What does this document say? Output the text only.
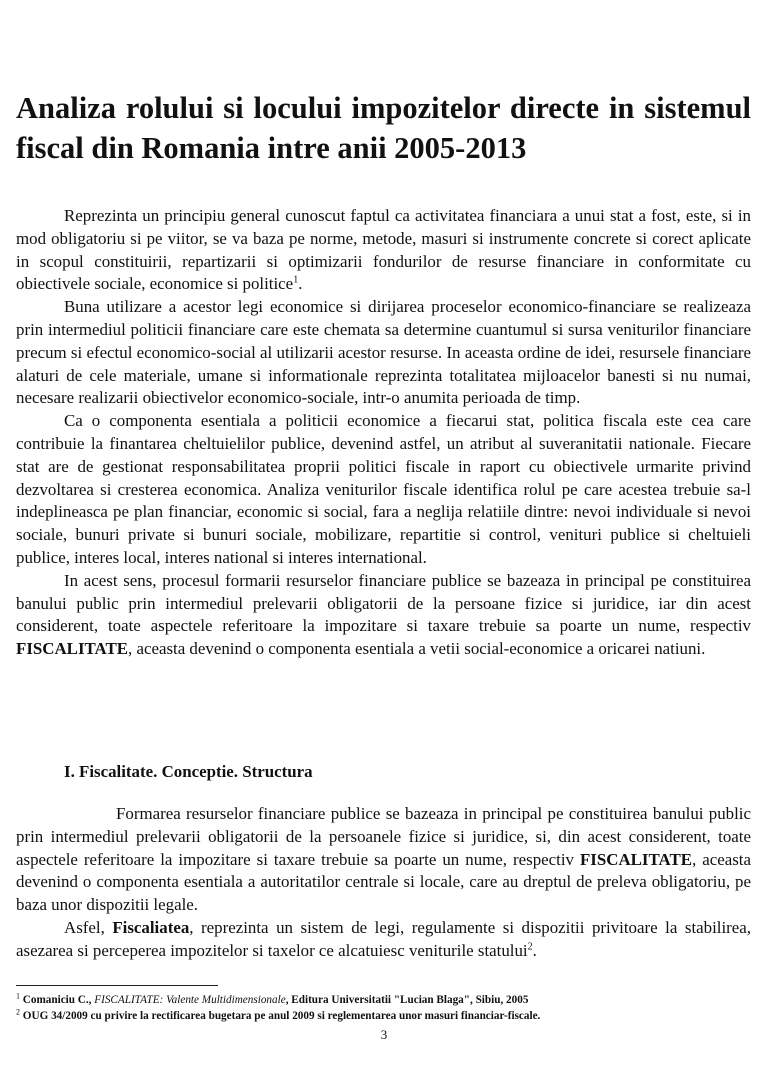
Analiza rolului si locului impozitelor directe in sistemul fiscal din Romania intre anii 2005-2013

Reprezinta un principiu general cunoscut faptul ca activitatea financiara a unui stat a fost, este, si in mod obligatoriu si pe viitor, se va baza pe norme, metode, masuri si instrumente concrete si corect aplicate in scopul constituirii, repartizarii si optimizarii fondurilor de resurse financiare in conformitate cu obiectivele sociale, economice si politice$^1$.

Buna utilizare a acestor legi economice si dirijarea proceselor economico-financiare se realizeaza prin intermediul politicii financiare care este chemata sa determine cuantumul si sursa veniturilor financiare precum si efectul economico-social al utilizarii acestor resurse. In aceasta ordine de idei, resursele financiare alaturi de cele materiale, umane si informationale reprezinta totalitatea mijloacelor banesti si nu numai, necesare realizarii obiectivelor economico-sociale, intr-o anumita perioada de timp.

Ca o componenta esentiala a politicii economice a fiecarui stat, politica fiscala este cea care contribuie la finantarea cheltuielilor publice, devenind astfel, un atribut al suveranitatii nationale. Fiecare stat are de gestionat responsabilitatea proprii politici fiscale in raport cu obiectivele urmarite privind dezvoltarea si cresterea economica. Analiza veniturilor fiscale identifica rolul pe care acestea trebuie sa-l indeplineasca pe plan financiar, economic si social, fara a neglija relatiile dintre: nevoi individuale si nevoi sociale, bunuri private si bunuri sociale, mobilizare, repartitie si control, venituri publice si cheltuieli publice, interes local, interes national si interes international.

In acest sens, procesul formarii resurselor financiare publice se bazeaza in principal pe constituirea banului public prin intermediul prelevarii obligatorii de la persoane fizice si juridice, iar din acest considerent, toate aspectele referitoare la impozitare si taxare trebuie sa poarte un nume, respectiv FISCALITATE, aceasta devenind o componenta esentiala a vetii social-economice a oricarei natiuni.

I. Fiscalitate. Conceptie. Structura

Formarea resurselor financiare publice se bazeaza in principal pe constituirea banului public prin intermediul prelevarii obligatorii de la persoanele fizice si juridice, si, din acest considerent, toate aspectele referitoare la impozitare si taxare trebuie sa poarte un nume, respectiv FISCALITATE, aceasta devenind o componenta esentiala a autoritatilor centrale si locale, care au dreptul de preleva obligatoriu, pe baza unor dispozitii legale.

Asfel, Fiscaliatea, reprezinta un sistem de legi, regulamente si dispozitii privitoare la stabilirea, asezarea si perceperea impozitelor si taxelor ce alcatuiesc veniturile statului$^2$.

$^1$ Comaniciu C., FISCALITATE: Valente Multidimensionale, Editura Universitatii "Lucian Blaga", Sibiu, 2005

$^2$ OUG 34/2009 cu privire la rectificarea bugetara pe anul 2009 si reglementarea unor masuri financiar-fiscale.

3
